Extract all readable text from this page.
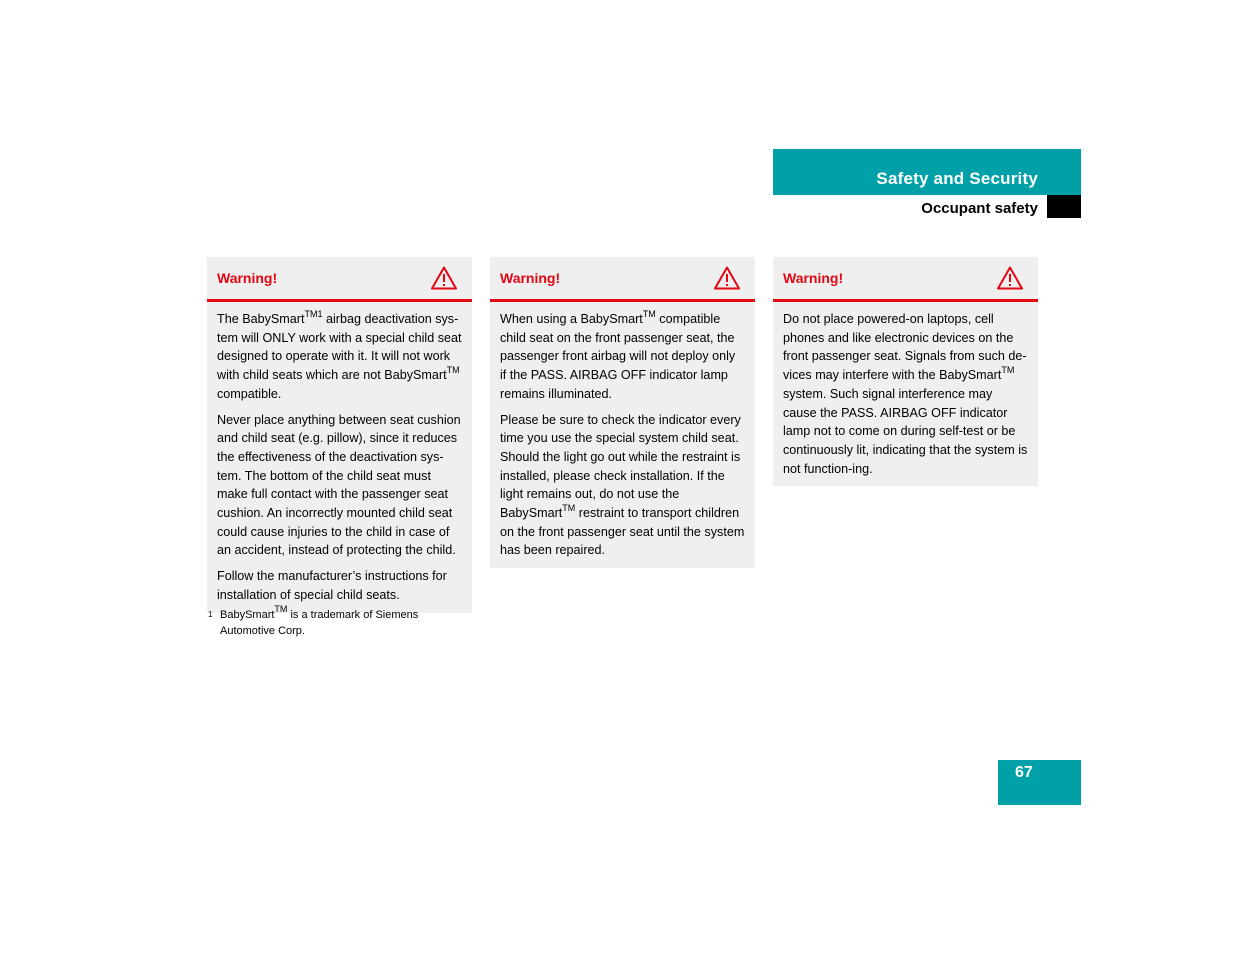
Safety and Security
Occupant safety
Warning!

The BabySmart$^{TM1}$ airbag deactivation sys-tem will ONLY work with a special child seat designed to operate with it. It will not work with child seats which are not BabySmart™ compatible.

Never place anything between seat cushion and child seat (e.g. pillow), since it reduces the effectiveness of the deactivation sys-tem. The bottom of the child seat must make full contact with the passenger seat cushion. An incorrectly mounted child seat could cause injuries to the child in case of an accident, instead of protecting the child.

Follow the manufacturer’s instructions for installation of special child seats.

Warning!

When using a BabySmart™ compatible child seat on the front passenger seat, the passenger front airbag will not deploy only if the PASS. AIRBAG OFF indicator lamp remains illuminated.

Please be sure to check the indicator every time you use the special system child seat. Should the light go out while the restraint is installed, please check installation. If the light remains out, do not use the BabySmart™ restraint to transport children on the front passenger seat until the system has been repaired.

Warning!

Do not place powered-on laptops, cell phones and like electronic devices on the front passenger seat. Signals from such de-vices may interfere with the BabySmart™ system. Such signal interference may cause the PASS. AIRBAG OFF indicator lamp not to come on during self-test or be continuously lit, indicating that the system is not function-ing.

1 BabySmart™ is a trademark of Siemens Automotive Corp.
67
